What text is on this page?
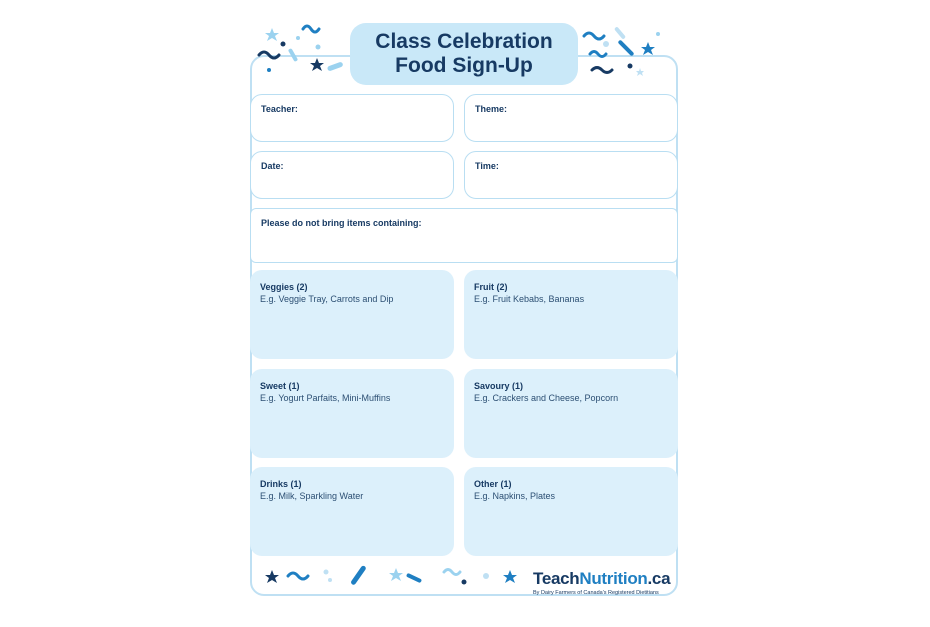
Class Celebration
Food Sign-Up
Teacher:	Theme:
Date:	Time:
Please do not bring items containing:
Veggies (2)
E.g. Veggie Tray, Carrots and Dip
Fruit (2)
E.g. Fruit Kebabs, Bananas
Sweet (1)
E.g. Yogurt Parfaits, Mini-Muffins
Savoury (1)
E.g. Crackers and Cheese, Popcorn
Drinks (1)
E.g. Milk, Sparkling Water
Other (1)
E.g. Napkins, Plates
TeachNutrition.ca
By Dairy Farmers of Canada's Registered Dietitians
